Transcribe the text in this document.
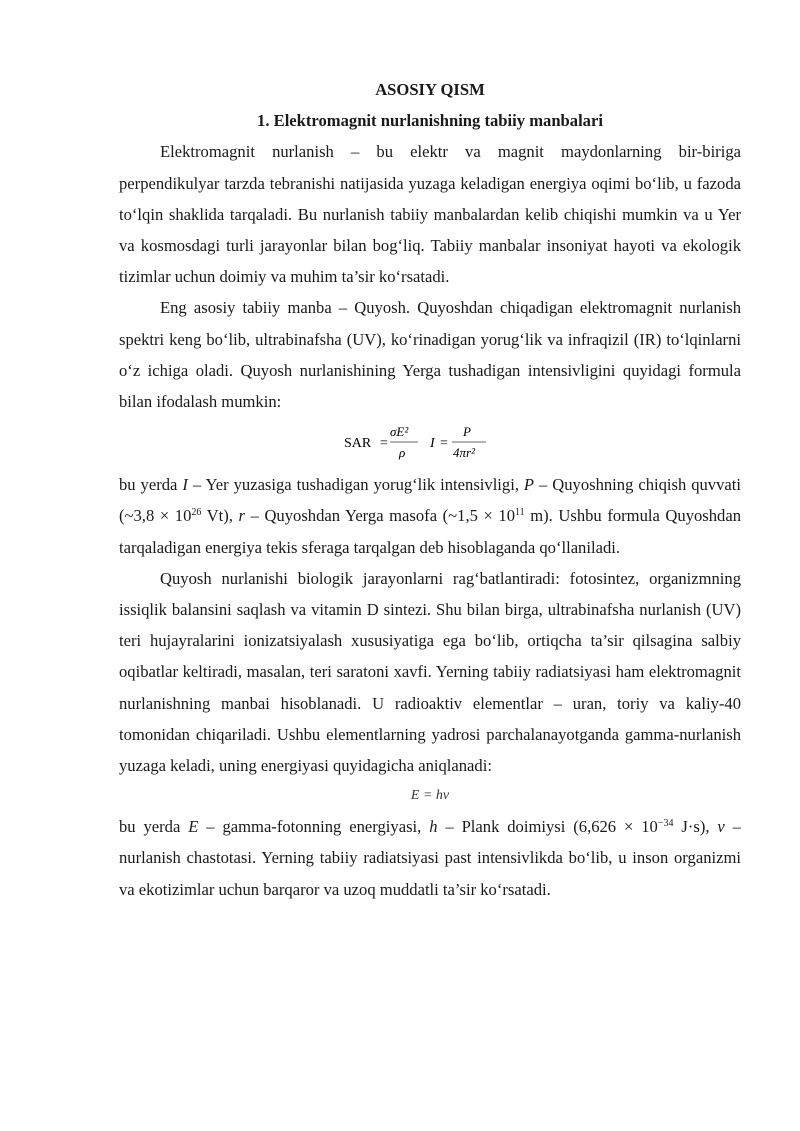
ASOSIY QISM
1. Elektromagnit nurlanishning tabiiy manbalari

Elektromagnit nurlanish – bu elektr va magnit maydonlarning bir-biriga perpendikulyar tarzda tebranishi natijasida yuzaga keladigan energiya oqimi bo‘lib, u fazoda to‘lqin shaklida tarqaladi. Bu nurlanish tabiiy manbalardan kelib chiqishi mumkin va u Yer va kosmosdagi turli jarayonlar bilan bog‘liq. Tabiiy manbalar insoniyat hayoti va ekologik tizimlar uchun doimiy va muhim ta’sir ko‘rsatadi.

Eng asosiy tabiiy manba – Quyosh. Quyoshdan chiqadigan elektromagnit nurlanish spektri keng bo‘lib, ultrabinafsha (UV), ko‘rinadigan yorug‘lik va infraqizil (IR) to‘lqinlarni o‘z ichiga oladi. Quyosh nurlanishining Yerga tushadigan intensivligini quyidagi formula bilan ifodalash mumkin:

SAR =
σE²
ρ
I =
P
4πr²

bu yerda I – Yer yuzasiga tushadigan yorug‘lik intensivligi, P – Quyoshning chiqish quvvati (~3,8 × $10^{26}$ Vt), r – Quyoshdan Yerga masofa (~1,5 × $10^{11}$ m). Ushbu formula Quyoshdan tarqaladigan energiya tekis sferaga tarqalgan deb hisoblaganda qo‘llaniladi.

Quyosh nurlanishi biologik jarayonlarni rag‘batlantiradi: fotosintez, organizmning issiqlik balansini saqlash va vitamin D sintezi. Shu bilan birga, ultrabinafsha nurlanish (UV) teri hujayralarini ionizatsiyalash xususiyatiga ega bo‘lib, ortiqcha ta’sir qilsagina salbiy oqibatlar keltiradi, masalan, teri saratoni xavfi. Yerning tabiiy radiatsiyasi ham elektromagnit nurlanishning manbai hisoblanadi. U radioaktiv elementlar – uran, toriy va kaliy-40 tomonidan chiqariladi. Ushbu elementlarning yadrosi parchalanayotganda gamma-nurlanish yuzaga keladi, uning energiyasi quyidagicha aniqlanadi:

E = hν

bu yerda E – gamma-fotonning energiyasi, h – Plank doimiysi ($6,626 \times 10^{-34}$ J·s), ν – nurlanish chastotasi. Yerning tabiiy radiatsiyasi past intensivlikda bo‘lib, u inson organizmi va ekotizimlar uchun barqaror va uzoq muddatli ta’sir ko‘rsatadi.
